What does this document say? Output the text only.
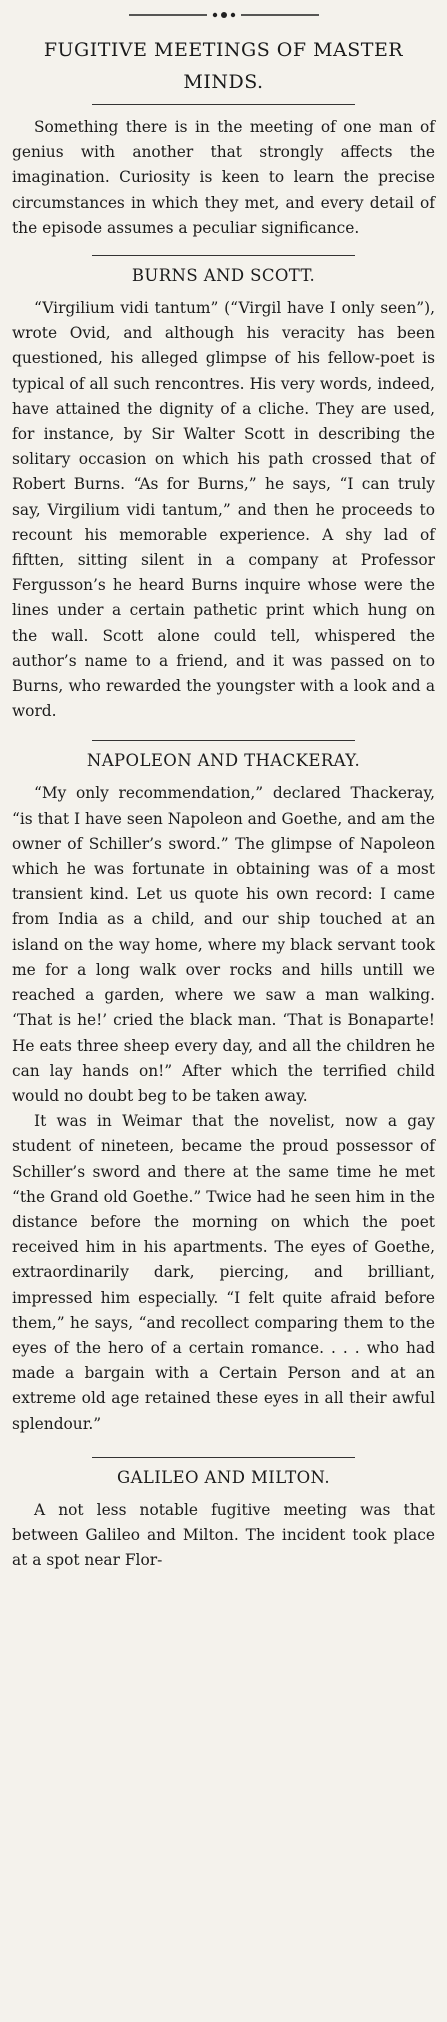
FUGITIVE MEETINGS OF MASTER MINDS.

Something there is in the meeting of one man of genius with another that strongly affects the imagination. Curiosity is keen to learn the precise circumstances in which they met, and every detail of the episode assumes a peculiar significance.

BURNS AND SCOTT.

“Virgilium vidi tantum” (“Virgil have I only seen”), wrote Ovid, and although his veracity has been questioned, his alleged glimpse of his fellow-poet is typical of all such rencontres. His very words, indeed, have attained the dignity of a cliche. They are used, for instance, by Sir Walter Scott in describing the solitary occasion on which his path crossed that of Robert Burns. “As for Burns,” he says, “I can truly say, Virgilium vidi tantum,” and then he proceeds to recount his memorable experience. A shy lad of fiftten, sitting silent in a company at Professor Fergusson’s he heard Burns inquire whose were the lines under a certain pathetic print which hung on the wall. Scott alone could tell, whispered the author’s name to a friend, and it was passed on to Burns, who rewarded the youngster with a look and a word.

NAPOLEON AND THACKERAY.

“My only recommendation,” declared Thackeray, “is that I have seen Napoleon and Goethe, and am the owner of Schiller’s sword.” The glimpse of Napoleon which he was fortunate in obtaining was of a most transient kind. Let us quote his own record: I came from India as a child, and our ship touched at an island on the way home, where my black servant took me for a long walk over rocks and hills untill we reached a garden, where we saw a man walking. ‘That is he!’ cried the black man. ‘That is Bonaparte! He eats three sheep every day, and all the children he can lay hands on!” After which the terrified child would no doubt beg to be taken away.

It was in Weimar that the novelist, now a gay student of nineteen, became the proud possessor of Schiller’s sword and there at the same time he met “the Grand old Goethe.” Twice had he seen him in the distance before the morning on which the poet received him in his apartments. The eyes of Goethe, extraordinarily dark, piercing, and brilliant, impressed him especially. “I felt quite afraid before them,” he says, “and recollect comparing them to the eyes of the hero of a certain romance. . . . who had made a bargain with a Certain Person and at an extreme old age retained these eyes in all their awful splendour.”

GALILEO AND MILTON.

A not less notable fugitive meeting was that between Galileo and Milton. The incident took place at a spot near Flor-
